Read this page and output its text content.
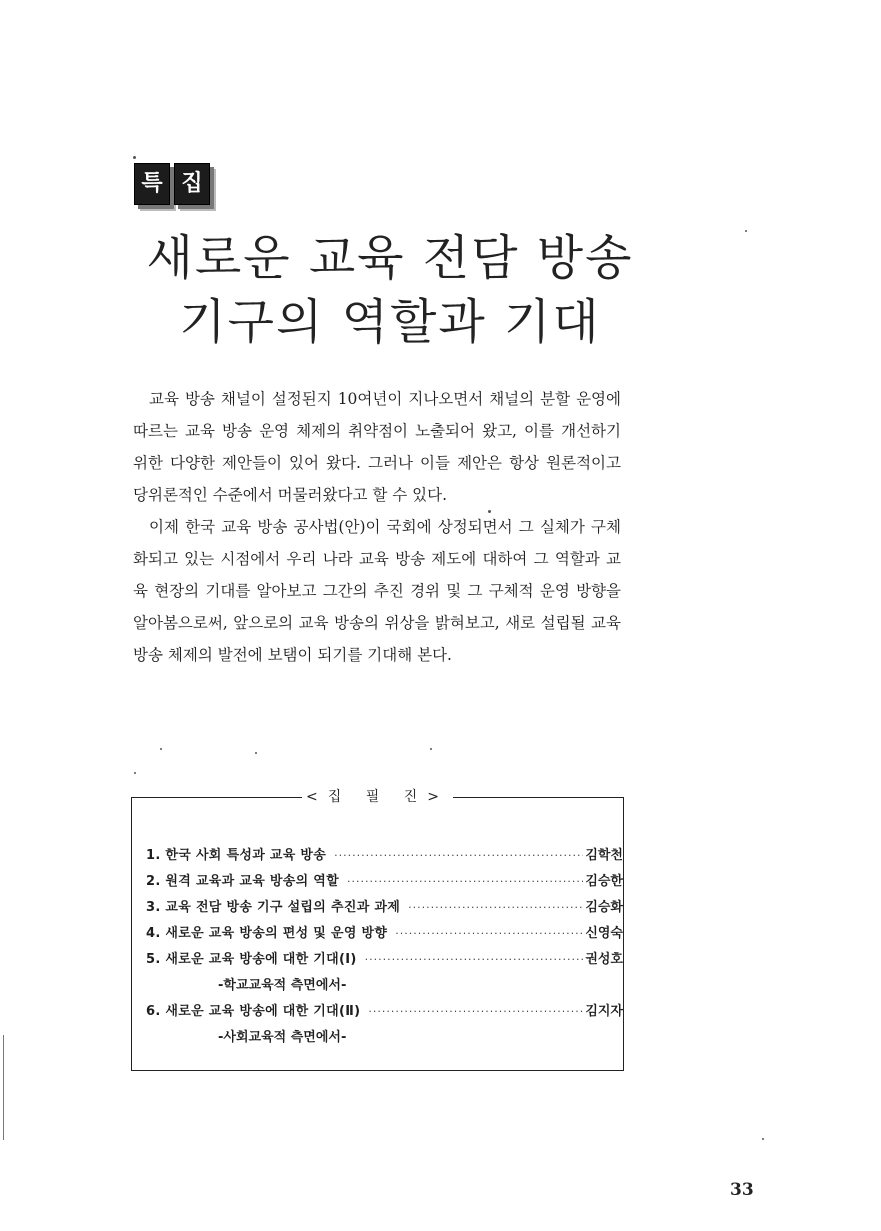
특 집
새로운 교육 전담 방송
기구의 역할과 기대

교육 방송 채널이 설정된지 10여년이 지나오면서 채널의 분할 운영에 따르는 교육 방송 운영 체제의 취약점이 노출되어 왔고, 이를 개선하기 위한 다양한 제안들이 있어 왔다. 그러나 이들 제안은 항상 원론적이고 당위론적인 수준에서 머물러왔다고 할 수 있다.

이제 한국 교육 방송 공사법(안)이 국회에 상정되면서 그 실체가 구체화되고 있는 시점에서 우리 나라 교육 방송 제도에 대하여 그 역할과 교육 현장의 기대를 알아보고 그간의 추진 경위 및 그 구체적 운영 방향을 알아봄으로써, 앞으로의 교육 방송의 위상을 밝혀보고, 새로 설립될 교육 방송 체제의 발전에 보탬이 되기를 기대해 본다.

<집 필 진>
1. 한국 사회 특성과 교육 방송 ·····	김학천
2. 원격 교육과 교육 방송의 역할 ·····	김승한
3. 교육 전담 방송 기구 설립의 추진과 과제 ·····	김승화
4. 새로운 교육 방송의 편성 및 운영 방향 ·····	신영숙
5. 새로운 교육 방송에 대한 기대(Ⅰ) ·····	권성호
-학교교육적 측면에서-
6. 새로운 교육 방송에 대한 기대(Ⅱ) ·····	김지자
-사회교육적 측면에서-
33
